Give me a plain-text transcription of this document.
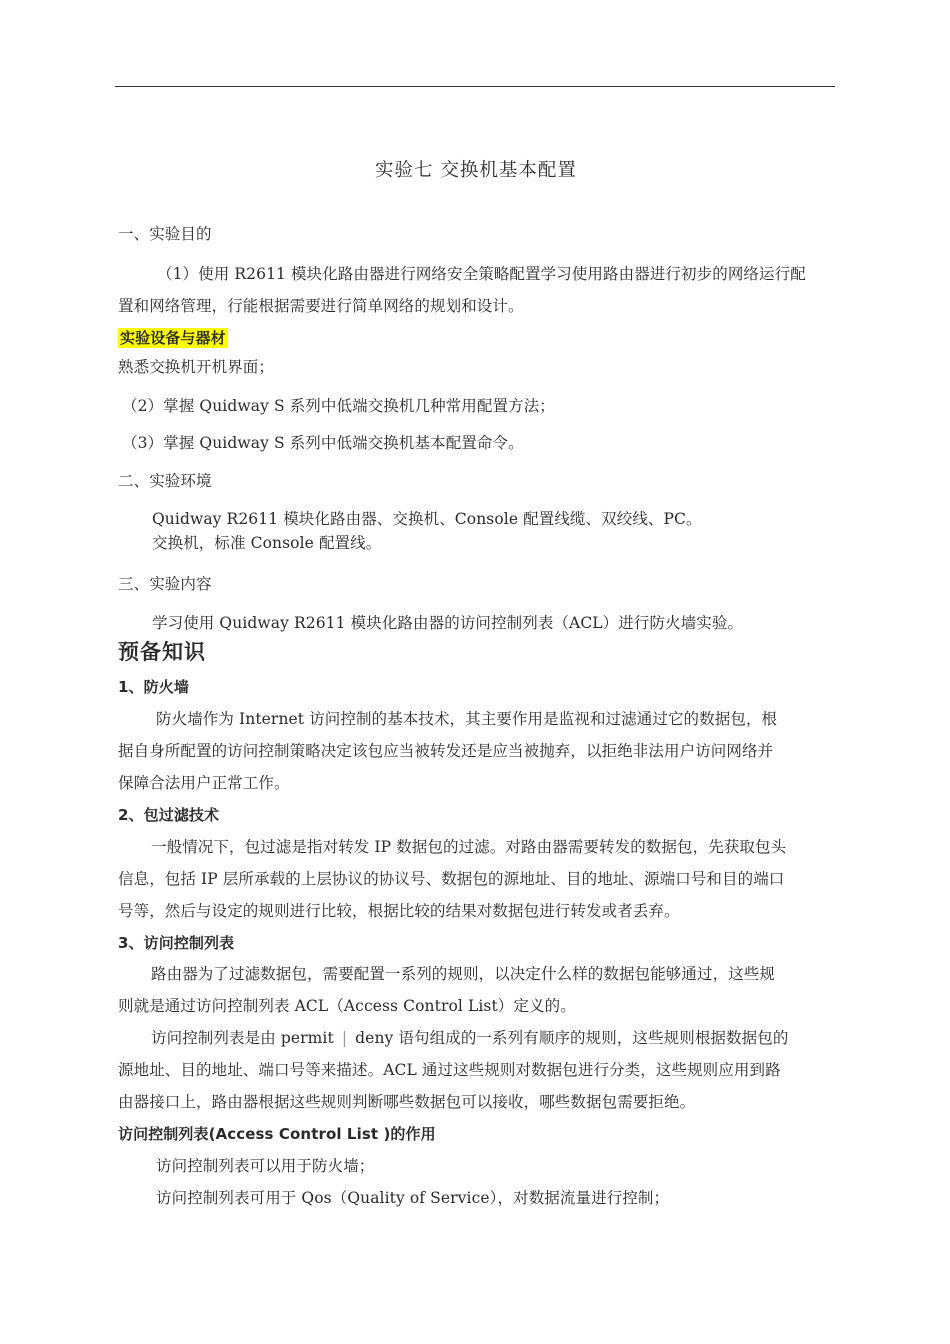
实验七 交换机基本配置
一、实验目的
（1）使用 R2611 模块化路由器进行网络安全策略配置学习使用路由器进行初步的网络运行配
置和网络管理，行能根据需要进行简单网络的规划和设计。
实验设备与器材
熟悉交换机开机界面；
（2）掌握 Quidway S 系列中低端交换机几种常用配置方法；
（3）掌握 Quidway S 系列中低端交换机基本配置命令。
二、实验环境
Quidway R2611 模块化路由器、交换机、Console 配置线缆、双绞线、PC。
交换机，标准 Console 配置线。
三、实验内容
学习使用 Quidway R2611 模块化路由器的访问控制列表（ACL）进行防火墙实验。
预备知识
1、防火墙
防火墙作为 Internet 访问控制的基本技术，其主要作用是监视和过滤通过它的数据包，根
据自身所配置的访问控制策略决定该包应当被转发还是应当被抛弃，以拒绝非法用户访问网络并
保障合法用户正常工作。
2、包过滤技术
一般情况下，包过滤是指对转发 IP 数据包的过滤。对路由器需要转发的数据包，先获取包头
信息，包括 IP 层所承载的上层协议的协议号、数据包的源地址、目的地址、源端口号和目的端口
号等，然后与设定的规则进行比较，根据比较的结果对数据包进行转发或者丢弃。
3、访问控制列表
路由器为了过滤数据包，需要配置一系列的规则，以决定什么样的数据包能够通过，这些规
则就是通过访问控制列表 ACL（Access Control List）定义的。
访问控制列表是由 permit | deny 语句组成的一系列有顺序的规则，这些规则根据数据包的
源地址、目的地址、端口号等来描述。ACL 通过这些规则对数据包进行分类，这些规则应用到路
由器接口上，路由器根据这些规则判断哪些数据包可以接收，哪些数据包需要拒绝。
访问控制列表(Access Control List )的作用
访问控制列表可以用于防火墙；
访问控制列表可用于 Qos（Quality of Service），对数据流量进行控制；
